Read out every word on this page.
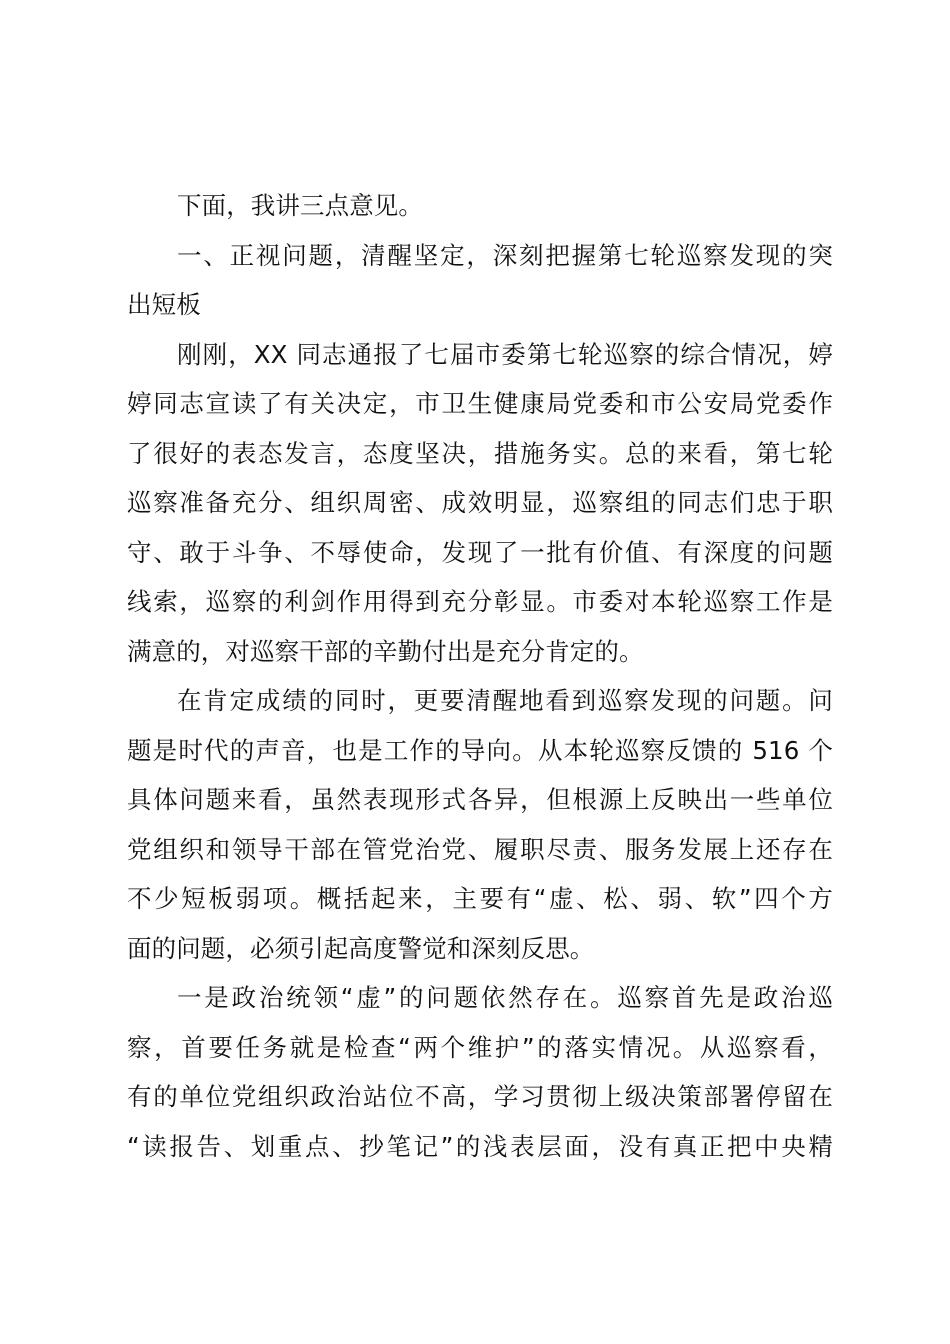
下面，我讲三点意见。
一、正视问题，清醒坚定，深刻把握第七轮巡察发现的突
出短板
刚刚，XX 同志通报了七届市委第七轮巡察的综合情况，婷
婷同志宣读了有关决定，市卫生健康局党委和市公安局党委作
了很好的表态发言，态度坚决，措施务实。总的来看，第七轮
巡察准备充分、组织周密、成效明显，巡察组的同志们忠于职
守、敢于斗争、不辱使命，发现了一批有价值、有深度的问题
线索，巡察的利剑作用得到充分彰显。市委对本轮巡察工作是
满意的，对巡察干部的辛勤付出是充分肯定的。
在肯定成绩的同时，更要清醒地看到巡察发现的问题。问
题是时代的声音，也是工作的导向。从本轮巡察反馈的 516 个
具体问题来看，虽然表现形式各异，但根源上反映出一些单位
党组织和领导干部在管党治党、履职尽责、服务发展上还存在
不少短板弱项。概括起来，主要有“虚、松、弱、软”四个方
面的问题，必须引起高度警觉和深刻反思。
一是政治统领“虚”的问题依然存在。巡察首先是政治巡
察，首要任务就是检查“两个维护”的落实情况。从巡察看，
有的单位党组织政治站位不高，学习贯彻上级决策部署停留在
“读报告、划重点、抄笔记”的浅表层面，没有真正把中央精
